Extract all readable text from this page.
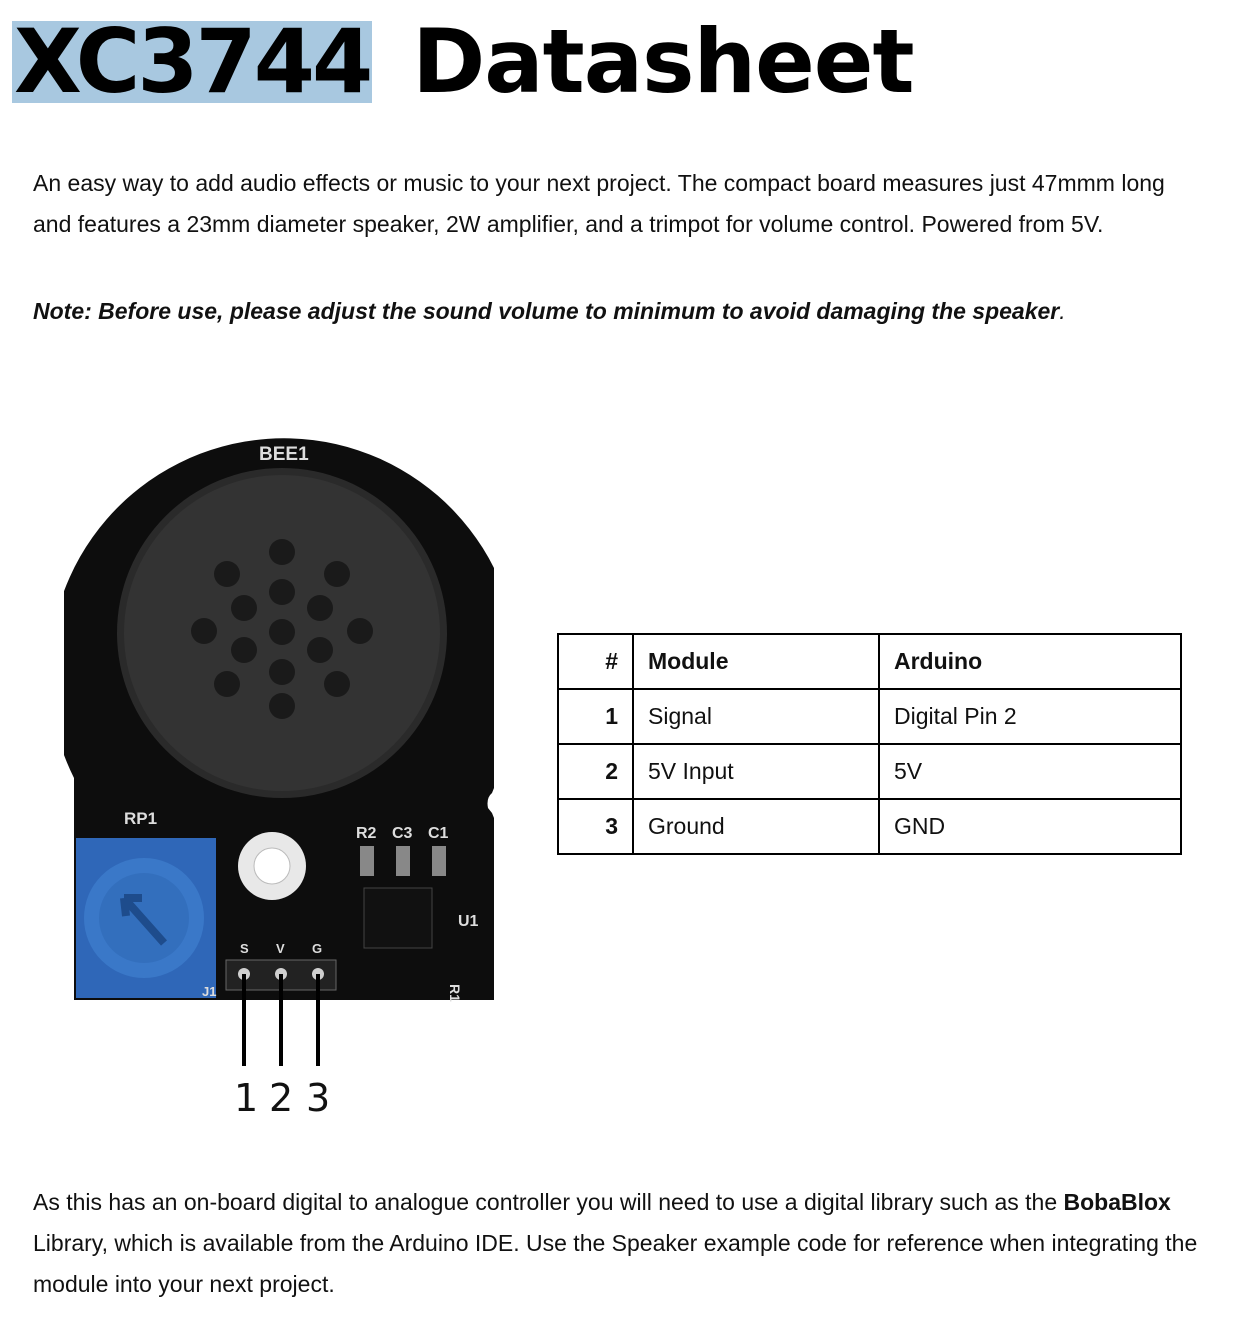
XC3744 Datasheet
An easy way to add audio effects or music to your next project. The compact board measures just 47mmm long and features a 23mm diameter speaker, 2W amplifier, and a trimpot for volume control. Powered from 5V.
Note: Before use, please adjust the sound volume to minimum to avoid damaging the speaker.
BEE1
RP1
R2 C3 C1
U1
R1
J1
S V G
1 2 3
#	Module	Arduino
1	Signal	Digital Pin 2
2	5V Input	5V
3	Ground	GND
As this has an on-board digital to analogue controller you will need to use a digital library such as the BobaBlox Library, which is available from the Arduino IDE. Use the Speaker example code for reference when integrating the module into your next project.
